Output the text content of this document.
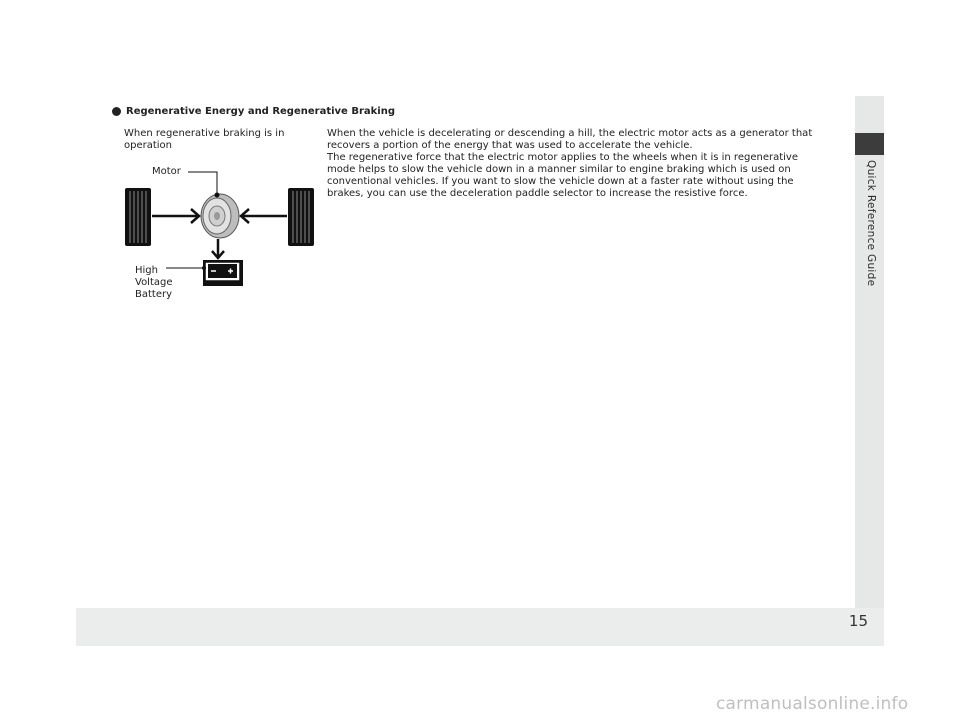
Quick Reference Guide
15
Regenerative Energy and Regenerative Braking
When regenerative braking is in operation

When the vehicle is decelerating or descending a hill, the electric motor acts as a generator that recovers a portion of the energy that was used to accelerate the vehicle.

The regenerative force that the electric motor applies to the wheels when it is in regenerative mode helps to slow the vehicle down in a manner similar to engine braking which is used on conventional vehicles. If you want to slow the vehicle down at a faster rate without using the brakes, you can use the deceleration paddle selector to increase the resistive force.

Motor
High
Voltage
Battery
carmanualsonline.info
